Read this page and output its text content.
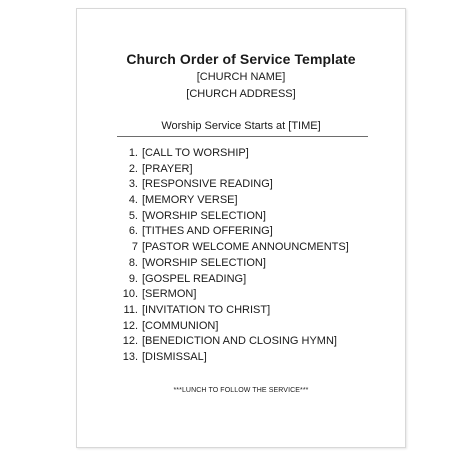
Church Order of Service Template
[CHURCH NAME]
[CHURCH ADDRESS]
Worship Service Starts at [TIME]
1. [CALL TO WORSHIP]
2. [PRAYER]
3. [RESPONSIVE READING]
4. [MEMORY VERSE]
5. [WORSHIP SELECTION]
6. [TITHES AND OFFERING]
7 [PASTOR WELCOME ANNOUNCMENTS]
8. [WORSHIP SELECTION]
9. [GOSPEL READING]
10. [SERMON]
11. [INVITATION TO CHRIST]
12. [COMMUNION]
12. [BENEDICTION AND CLOSING HYMN]
13. [DISMISSAL]
***LUNCH TO FOLLOW THE SERVICE***
